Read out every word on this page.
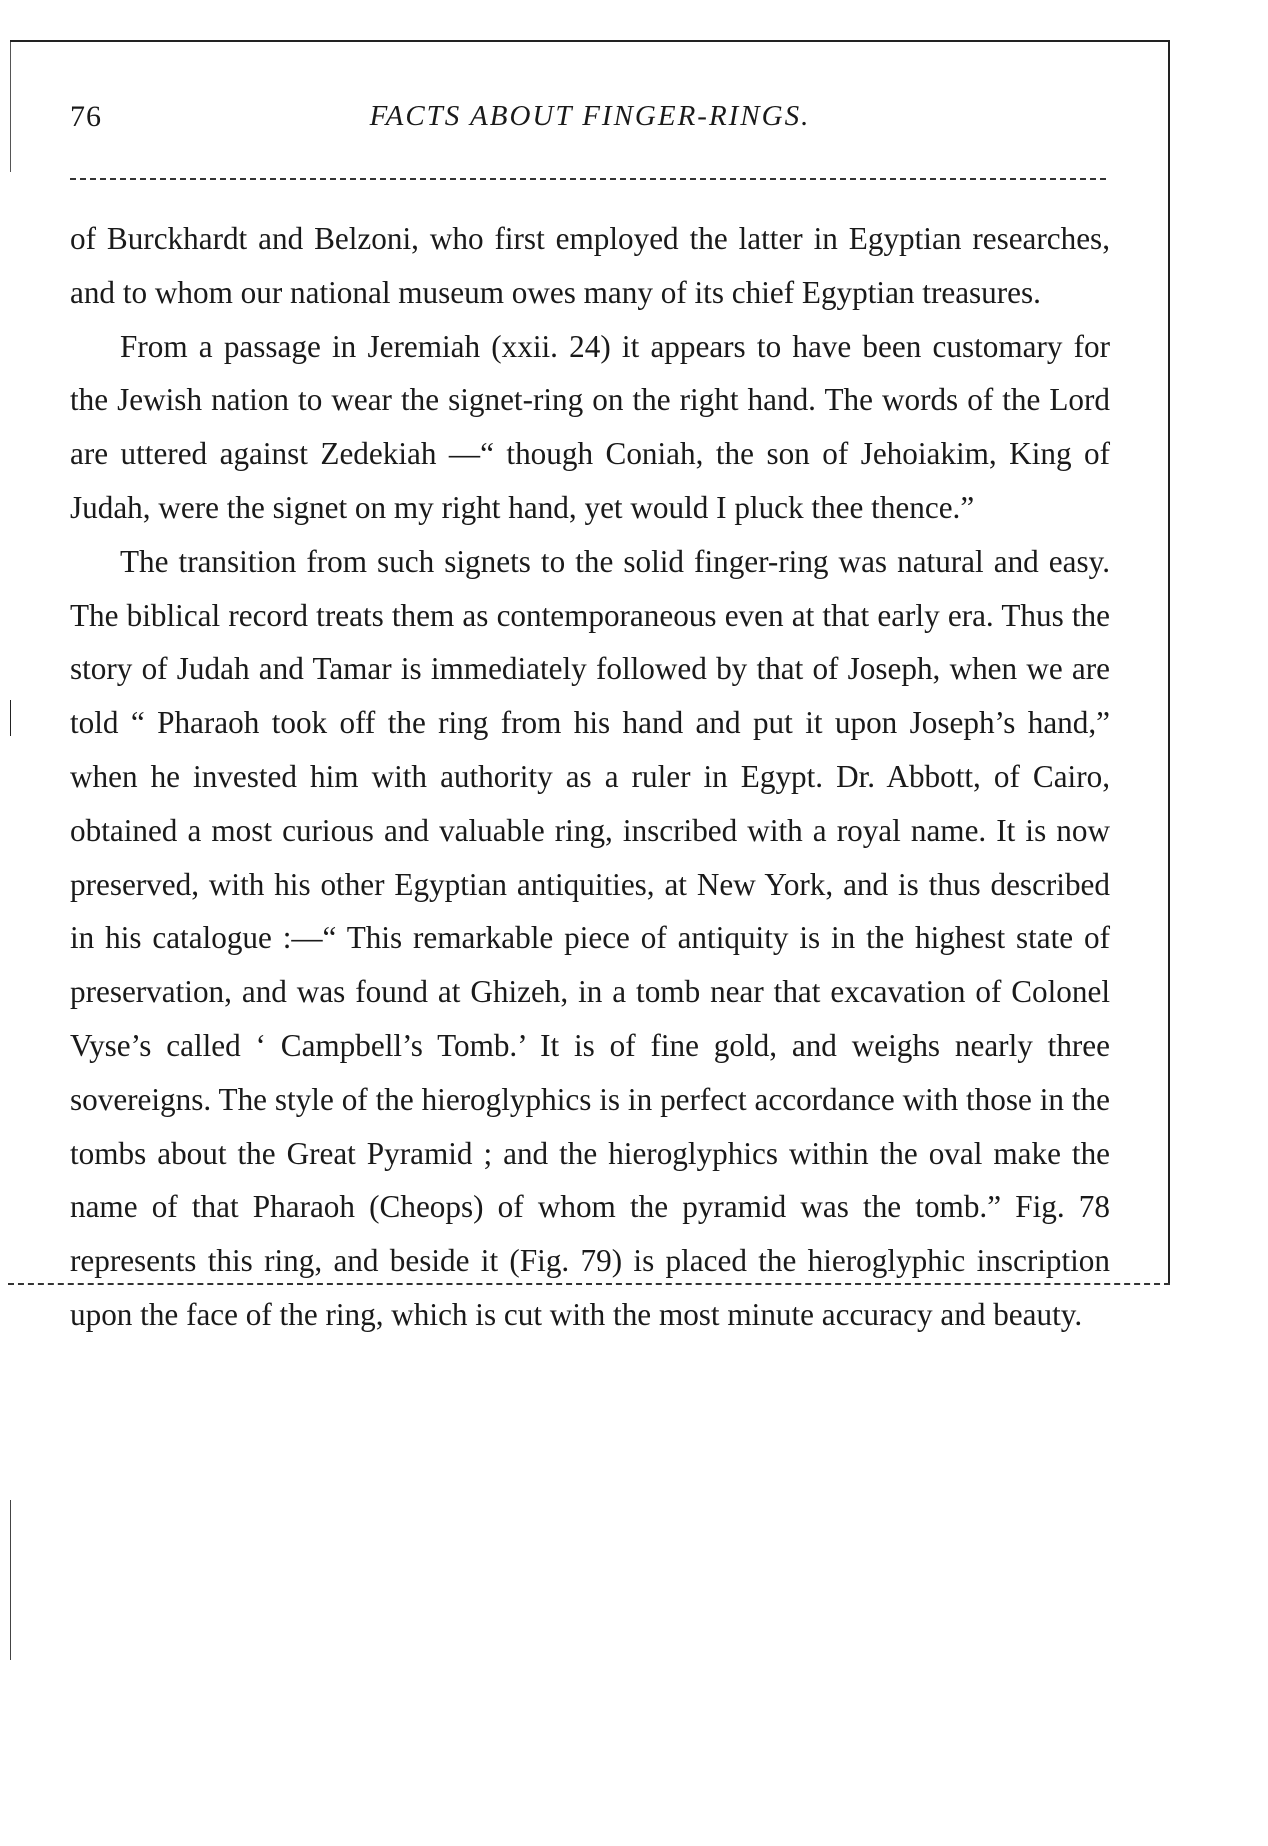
76	FACTS ABOUT FINGER-RINGS.

of Burckhardt and Belzoni, who first employed the latter in Egyptian researches, and to whom our national museum owes many of its chief Egyptian treasures.

From a passage in Jeremiah (xxii. 24) it appears to have been customary for the Jewish nation to wear the signet-ring on the right hand. The words of the Lord are uttered against Zedekiah —“ though Coniah, the son of Jehoiakim, King of Judah, were the signet on my right hand, yet would I pluck thee thence.”

The transition from such signets to the solid finger-ring was natural and easy. The biblical record treats them as contemporaneous even at that early era. Thus the story of Judah and Tamar is immediately followed by that of Joseph, when we are told “ Pharaoh took off the ring from his hand and put it upon Joseph’s hand,” when he invested him with authority as a ruler in Egypt. Dr. Abbott, of Cairo, obtained a most curious and valuable ring, inscribed with a royal name. It is now preserved, with his other Egyptian antiquities, at New York, and is thus described in his catalogue :—“ This remarkable piece of antiquity is in the highest state of preservation, and was found at Ghizeh, in a tomb near that excavation of Colonel Vyse’s called ‘ Campbell’s Tomb.’ It is of fine gold, and weighs nearly three sovereigns. The style of the hieroglyphics is in perfect accordance with those in the tombs about the Great Pyramid ; and the hieroglyphics within the oval make the name of that Pharaoh (Cheops) of whom the pyramid was the tomb.” Fig. 78 represents this ring, and beside it (Fig. 79) is placed the hieroglyphic inscription upon the face of the ring, which is cut with the most minute accuracy and beauty.
